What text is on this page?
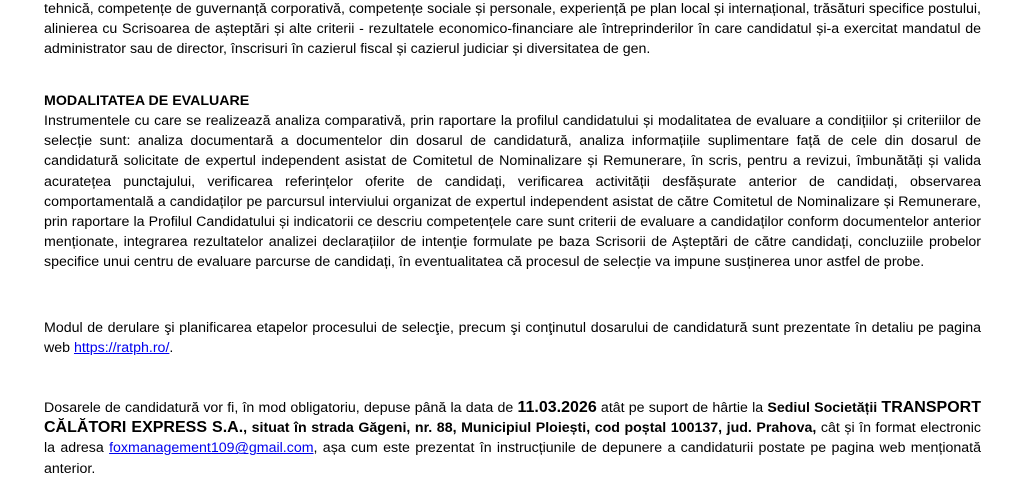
tehnică, competențe de guvernanță corporativă, competențe sociale și personale, experiență pe plan local și internațional, trăsături specifice postului, alinierea cu Scrisoarea de așteptări și alte criterii - rezultatele economico-financiare ale întreprinderilor în care candidatul și-a exercitat mandatul de administrator sau de director, înscrisuri în cazierul fiscal și cazierul judiciar și diversitatea de gen.

MODALITATEA DE EVALUARE

Instrumentele cu care se realizează analiza comparativă, prin raportare la profilul candidatului și modalitatea de evaluare a condițiilor și criteriilor de selecție sunt: analiza documentară a documentelor din dosarul de candidatură, analiza informațiile suplimentare față de cele din dosarul de candidatură solicitate de expertul independent asistat de Comitetul de Nominalizare și Remunerare, în scris, pentru a revizui, îmbunătăți și valida acuratețea punctajului, verificarea referințelor oferite de candidați, verificarea activității desfășurate anterior de candidați, observarea comportamentală a candidaților pe parcursul interviului organizat de expertul independent asistat de către Comitetul de Nominalizare și Remunerare, prin raportare la Profilul Candidatului și indicatorii ce descriu competențele care sunt criterii de evaluare a candidaților conform documentelor anterior menționate, integrarea rezultatelor analizei declarațiilor de intenție formulate pe baza Scrisorii de Așteptări de către candidați, concluziile probelor specifice unui centru de evaluare parcurse de candidați, în eventualitatea că procesul de selecție va impune susținerea unor astfel de probe.

Modul de derulare şi planificarea etapelor procesului de selecţie, precum şi conţinutul dosarului de candidatură sunt prezentate în detaliu pe pagina web https://ratph.ro/.

Dosarele de candidatură vor fi, în mod obligatoriu, depuse până la data de 11.03.2026 atât pe suport de hârtie la Sediul Societății TRANSPORT CĂLĂTORI EXPRESS S.A., situat în strada Găgeni, nr. 88, Municipiul Ploiești, cod poștal 100137, jud. Prahova, cât și în format electronic la adresa foxmanagement109@gmail.com, așa cum este prezentat în instrucțiunile de depunere a candidaturii postate pe pagina web menționată anterior.
